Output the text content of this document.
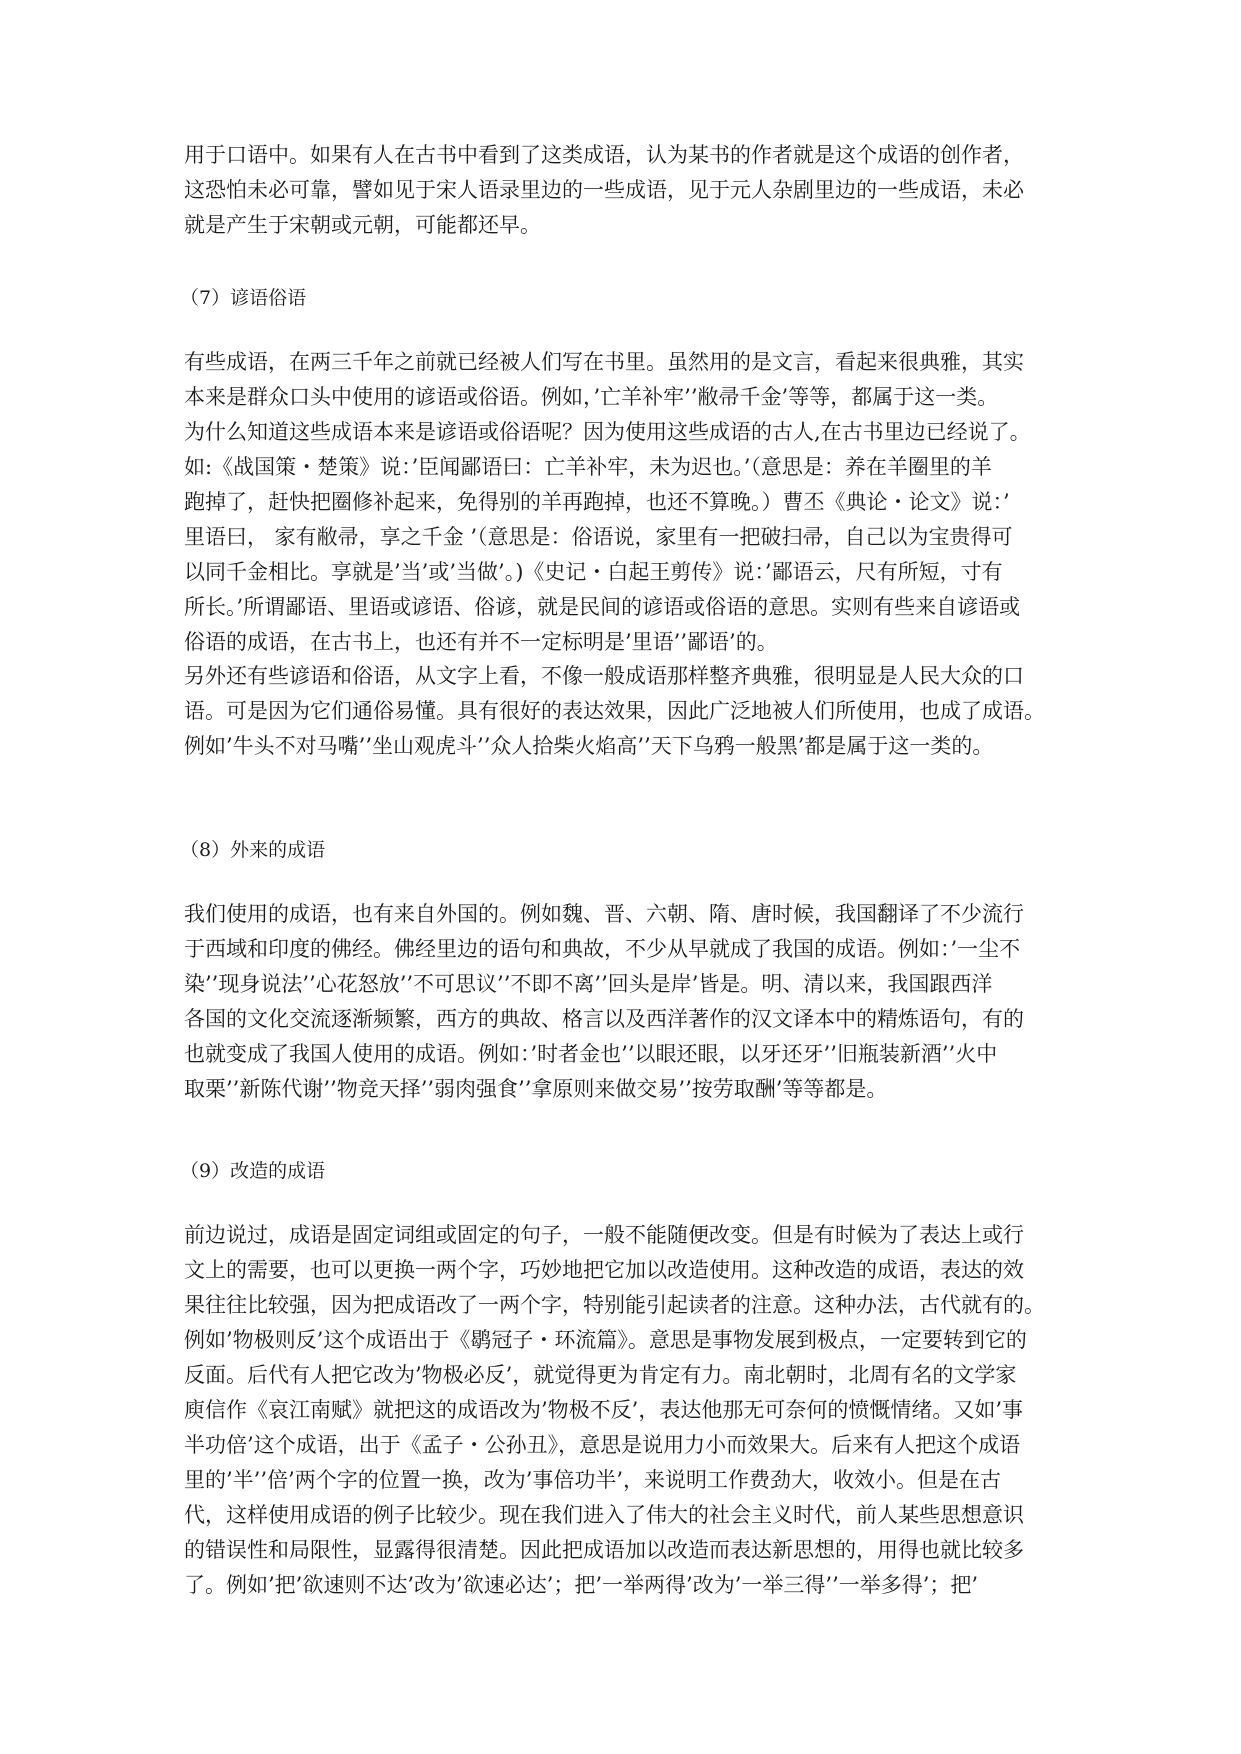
用于口语中。如果有人在古书中看到了这类成语，认为某书的作者就是这个成语的创作者，
这恐怕未必可靠，譬如见于宋人语录里边的一些成语，见于元人杂剧里边的一些成语，未必
就是产生于宋朝或元朝，可能都还早。
（7）谚语俗语
有些成语，在两三千年之前就已经被人们写在书里。虽然用的是文言，看起来很典雅，其实
本来是群众口头中使用的谚语或俗语。例如，’亡羊补牢’’敝帚千金’等等，都属于这一类。
为什么知道这些成语本来是谚语或俗语呢？因为使用这些成语的古人,在古书里边已经说了。
如:《战国策・楚策》说：’臣闻鄙语曰：亡羊补牢，未为迟也。’（意思是：养在羊圈里的羊
跑掉了，赶快把圈修补起来，免得别的羊再跑掉，也还不算晚。）曹丕《典论・论文》说：’
里语曰， 家有敝帚，享之千金 ’（意思是：俗语说，家里有一把破扫帚，自己以为宝贵得可
以同千金相比。享就是’当’或’当做’。)《史记・白起王剪传》说：’鄙语云，尺有所短，寸有
所长。’所谓鄙语、里语或谚语、俗谚，就是民间的谚语或俗语的意思。实则有些来自谚语或
俗语的成语，在古书上，也还有并不一定标明是’里语’’鄙语’的。
另外还有些谚语和俗语，从文字上看，不像一般成语那样整齐典雅，很明显是人民大众的口
语。可是因为它们通俗易懂。具有很好的表达效果，因此广泛地被人们所使用，也成了成语。
例如’牛头不对马嘴’’坐山观虎斗’’众人拾柴火焰高’’天下乌鸦一般黑’都是属于这一类的。
（8）外来的成语
我们使用的成语，也有来自外国的。例如魏、晋、六朝、隋、唐时候，我国翻译了不少流行
于西域和印度的佛经。佛经里边的语句和典故，不少从早就成了我国的成语。例如：’一尘不
染’’现身说法’’心花怒放’’不可思议’’不即不离’’回头是岸’皆是。明、清以来，我国跟西洋
各国的文化交流逐渐频繁，西方的典故、格言以及西洋著作的汉文译本中的精炼语句，有的
也就变成了我国人使用的成语。例如：’时者金也’’以眼还眼，以牙还牙’’旧瓶装新酒’’火中
取栗’’新陈代谢’’物竞天择’’弱肉强食’’拿原则来做交易’’按劳取酬’等等都是。
（9）改造的成语
前边说过，成语是固定词组或固定的句子，一般不能随便改变。但是有时候为了表达上或行
文上的需要，也可以更换一两个字，巧妙地把它加以改造使用。这种改造的成语，表达的效
果往往比较强，因为把成语改了一两个字，特别能引起读者的注意。这种办法，古代就有的。
例如’物极则反’这个成语出于《鹖冠子・环流篇》。意思是事物发展到极点，一定要转到它的
反面。后代有人把它改为’物极必反’，就觉得更为肯定有力。南北朝时，北周有名的文学家
庾信作《哀江南赋》就把这的成语改为’物极不反’，表达他那无可奈何的愤慨情绪。又如’事
半功倍’这个成语，出于《孟子・公孙丑》，意思是说用力小而效果大。后来有人把这个成语
里的’半’’倍’两个字的位置一换，改为’事倍功半’，来说明工作费劲大，收效小。但是在古
代，这样使用成语的例子比较少。现在我们进入了伟大的社会主义时代，前人某些思想意识
的错误性和局限性，显露得很清楚。因此把成语加以改造而表达新思想的，用得也就比较多
了。例如’把’欲速则不达’改为’欲速必达’；把’一举两得’改为’一举三得’’一举多得’；把’
